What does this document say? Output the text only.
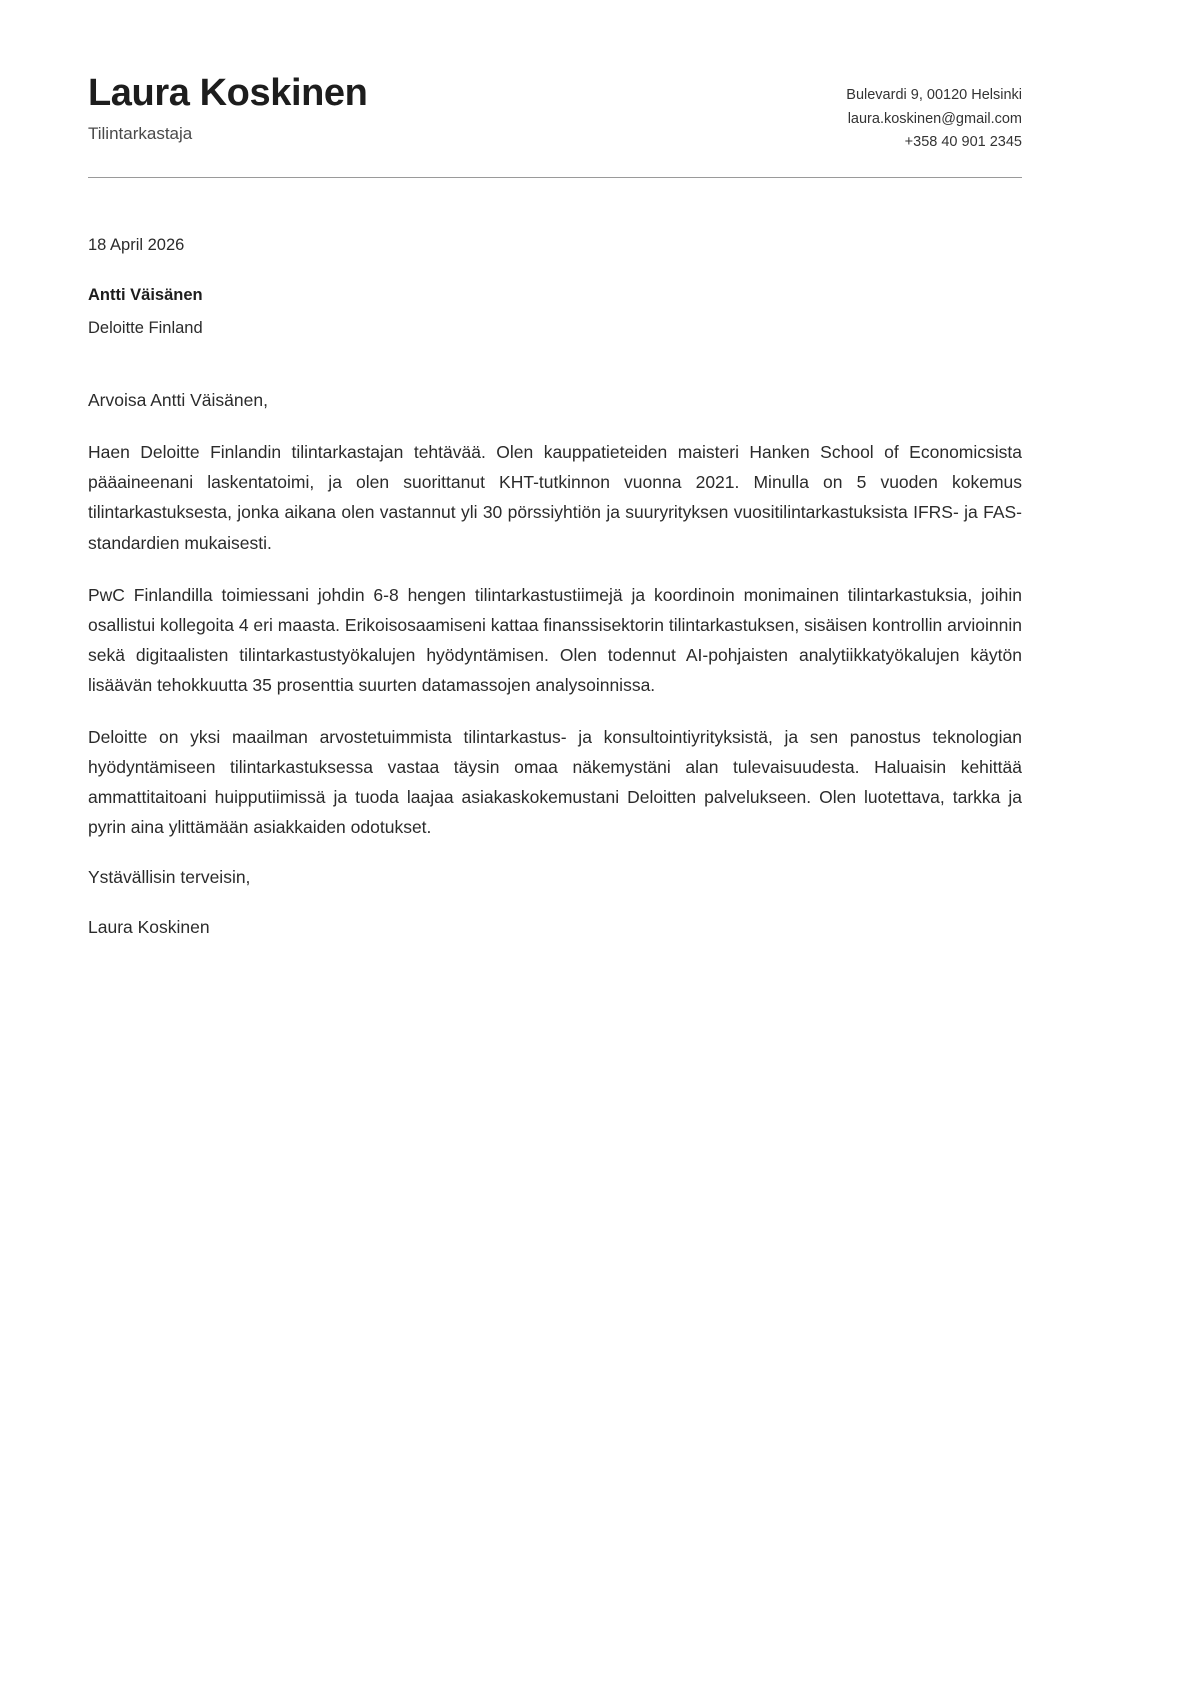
Laura Koskinen
Tilintarkastaja
Bulevardi 9, 00120 Helsinki
laura.koskinen@gmail.com
+358 40 901 2345
18 April 2026
Antti Väisänen
Deloitte Finland
Arvoisa Antti Väisänen,

Haen Deloitte Finlandin tilintarkastajan tehtävää. Olen kauppatieteiden maisteri Hanken School of Economicsista pääaineenani laskentatoimi, ja olen suorittanut KHT-tutkinnon vuonna 2021. Minulla on 5 vuoden kokemus tilintarkastuksesta, jonka aikana olen vastannut yli 30 pörssiyhtiön ja suuryrityksen vuositilintarkastuksista IFRS- ja FAS-standardien mukaisesti.

PwC Finlandilla toimiessani johdin 6-8 hengen tilintarkastustiimejä ja koordinoin monimainen tilintarkastuksia, joihin osallistui kollegoita 4 eri maasta. Erikoisosaamiseni kattaa finanssisektorin tilintarkastuksen, sisäisen kontrollin arvioinnin sekä digitaalisten tilintarkastustyökalujen hyödyntämisen. Olen todennut AI-pohjaisten analytiikkatyökalujen käytön lisäävän tehokkuutta 35 prosenttia suurten datamassojen analysoinnissa.

Deloitte on yksi maailman arvostetuimmista tilintarkastus- ja konsultointiyrityksistä, ja sen panostus teknologian hyödyntämiseen tilintarkastuksessa vastaa täysin omaa näkemystäni alan tulevaisuudesta. Haluaisin kehittää ammattitaitoani huipputiimissä ja tuoda laajaa asiakaskokemustani Deloitten palvelukseen. Olen luotettava, tarkka ja pyrin aina ylittämään asiakkaiden odotukset.

Ystävällisin terveisin,

Laura Koskinen
